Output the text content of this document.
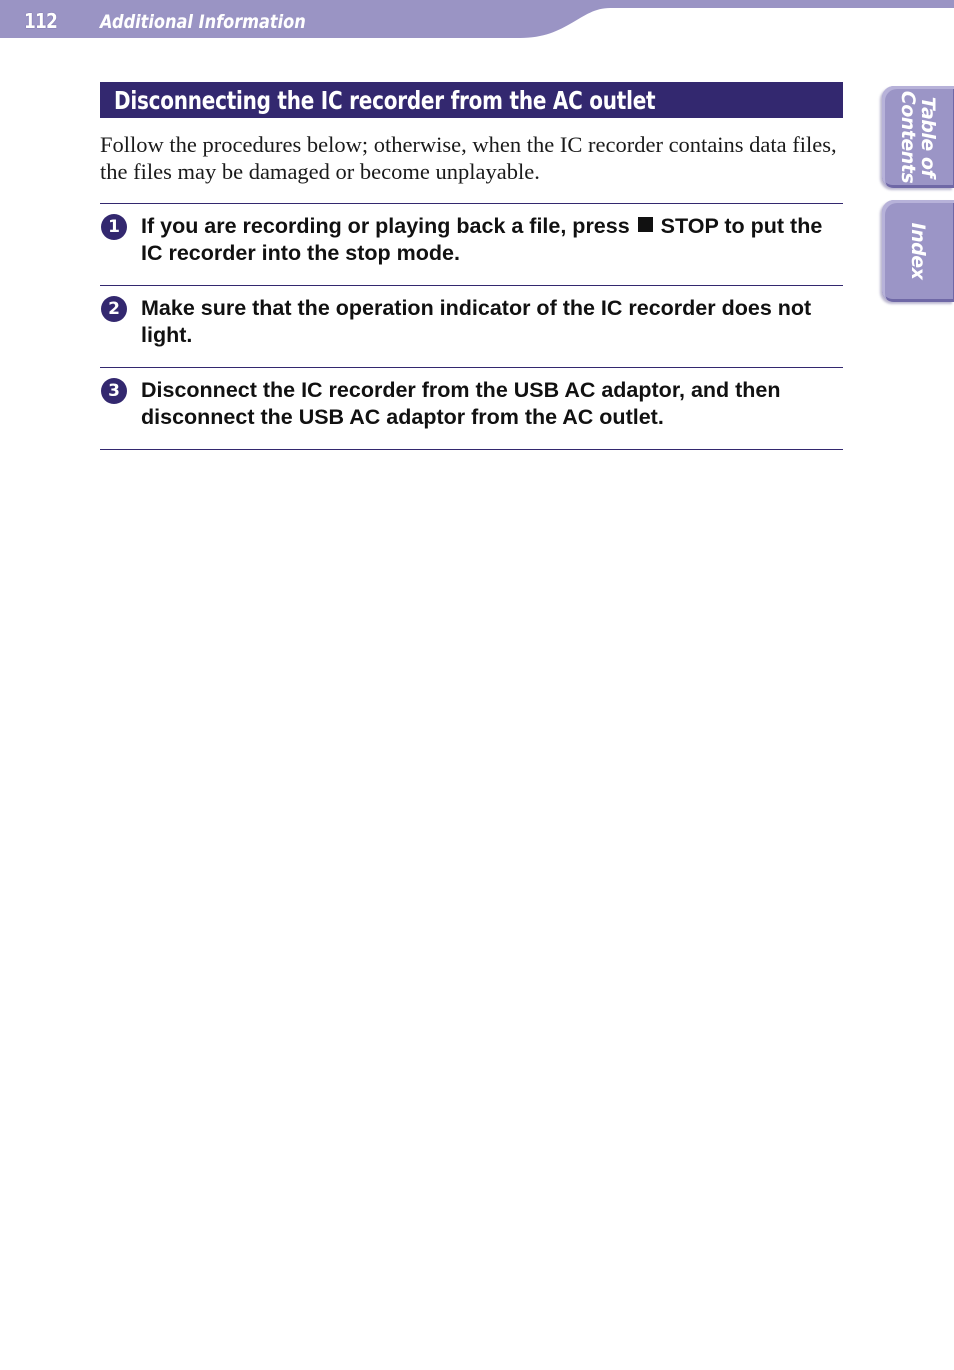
112 Additional Information
Table of
Contents
Index
Disconnecting the IC recorder from the AC outlet

Follow the procedures below; otherwise, when the IC recorder contains data files, the files may be damaged or become unplayable.

1 If you are recording or playing back a file, press STOP to put the IC recorder into the stop mode.

2 Make sure that the operation indicator of the IC recorder does not light.

3 Disconnect the IC recorder from the USB AC adaptor, and then disconnect the USB AC adaptor from the AC outlet.
